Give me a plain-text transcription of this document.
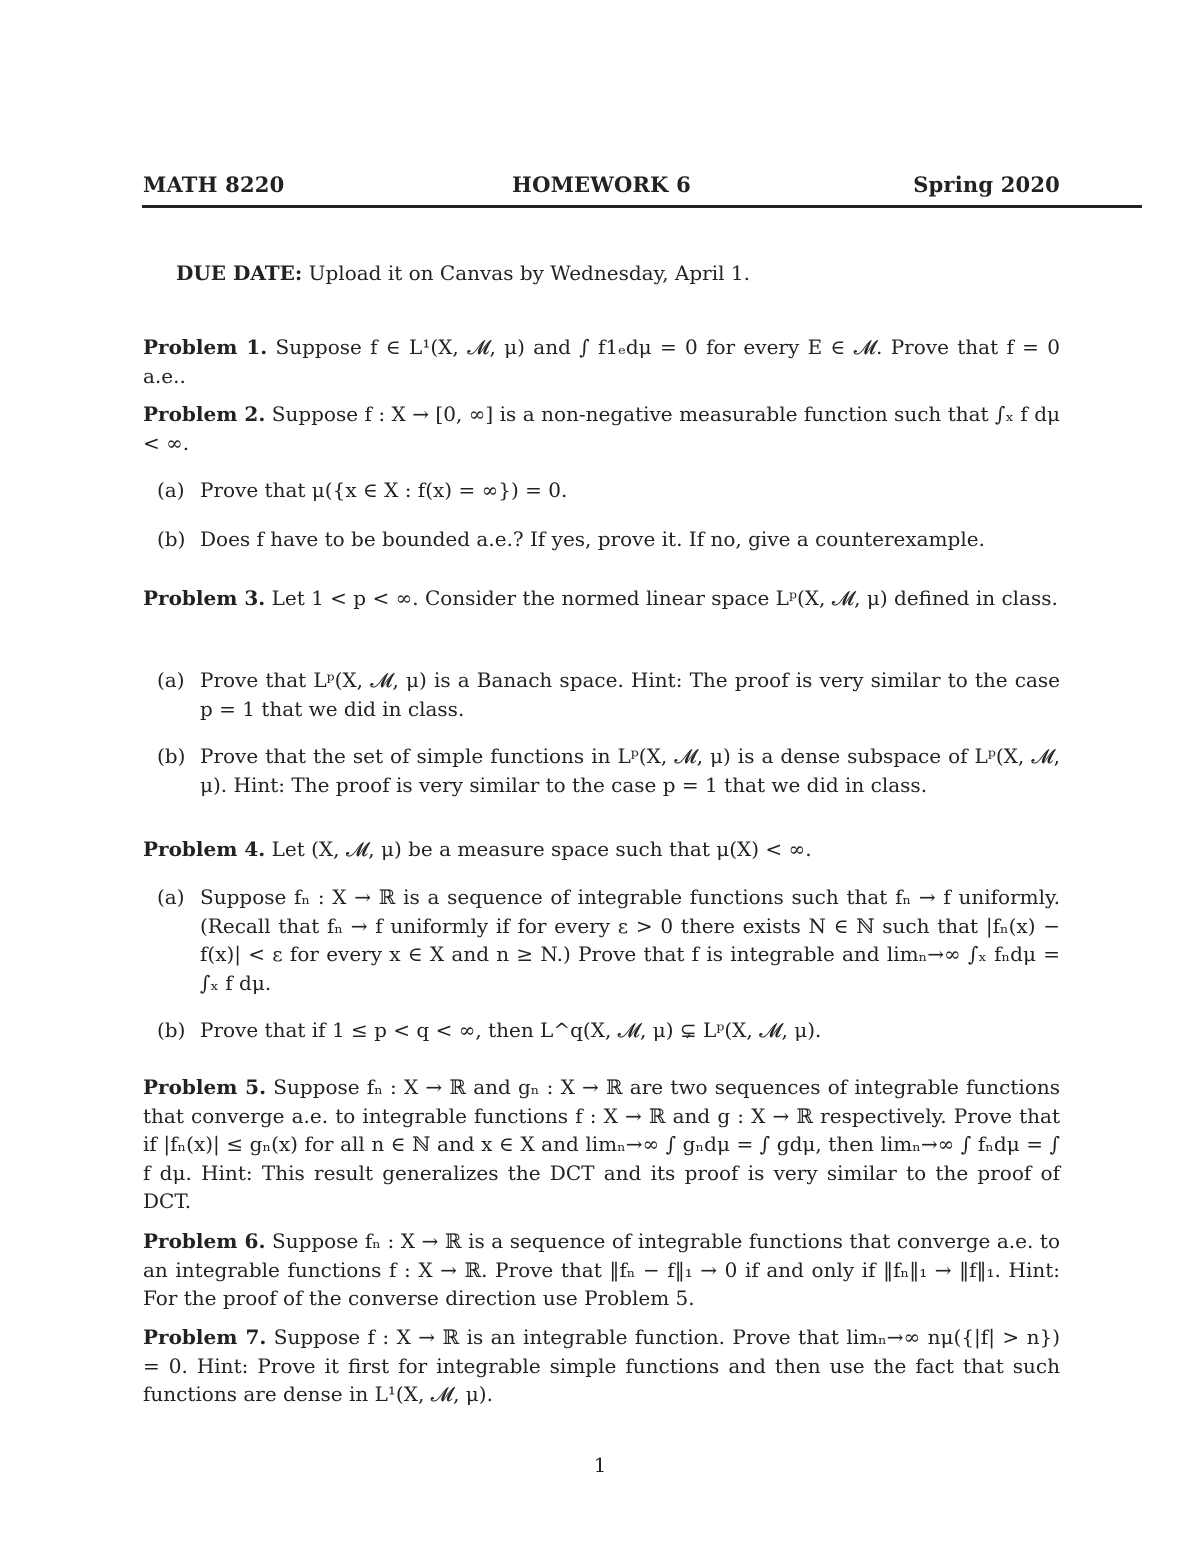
MATH 8220	HOMEWORK 6	Spring 2020

DUE DATE: Upload it on Canvas by Wednesday, April 1.

Problem 1. Suppose f ∈ L¹(X, 𝓜, μ) and ∫ f1ₑdμ = 0 for every E ∈ 𝓜. Prove that f = 0 a.e..

Problem 2. Suppose f : X → [0, ∞] is a non-negative measurable function such that ∫ₓ f dμ < ∞.

(a) Prove that μ({x ∈ X : f(x) = ∞}) = 0.
(b) Does f have to be bounded a.e.? If yes, prove it. If no, give a counterexample.

Problem 3. Let 1 < p < ∞. Consider the normed linear space Lᵖ(X, 𝓜, μ) defined in class.

(a) Prove that Lᵖ(X, 𝓜, μ) is a Banach space. Hint: The proof is very similar to the case p = 1 that we did in class.
(b) Prove that the set of simple functions in Lᵖ(X, 𝓜, μ) is a dense subspace of Lᵖ(X, 𝓜, μ). Hint: The proof is very similar to the case p = 1 that we did in class.

Problem 4. Let (X, 𝓜, μ) be a measure space such that μ(X) < ∞.

(a) Suppose fₙ : X → ℝ is a sequence of integrable functions such that fₙ → f uniformly. (Recall that fₙ → f uniformly if for every ε > 0 there exists N ∈ ℕ such that |fₙ(x) − f(x)| < ε for every x ∈ X and n ≥ N.) Prove that f is integrable and limₙ→∞ ∫ₓ fₙdμ = ∫ₓ f dμ.
(b) Prove that if 1 ≤ p < q < ∞, then L^q(X, 𝓜, μ) ⊊ Lᵖ(X, 𝓜, μ).

Problem 5. Suppose fₙ : X → ℝ and gₙ : X → ℝ are two sequences of integrable functions that converge a.e. to integrable functions f : X → ℝ and g : X → ℝ respectively. Prove that if |fₙ(x)| ≤ gₙ(x) for all n ∈ ℕ and x ∈ X and limₙ→∞ ∫ gₙdμ = ∫ gdμ, then limₙ→∞ ∫ fₙdμ = ∫ f dμ. Hint: This result generalizes the DCT and its proof is very similar to the proof of DCT.

Problem 6. Suppose fₙ : X → ℝ is a sequence of integrable functions that converge a.e. to an integrable functions f : X → ℝ. Prove that ‖fₙ − f‖₁ → 0 if and only if ‖fₙ‖₁ → ‖f‖₁. Hint: For the proof of the converse direction use Problem 5.

Problem 7. Suppose f : X → ℝ is an integrable function. Prove that limₙ→∞ nμ({|f| > n}) = 0. Hint: Prove it first for integrable simple functions and then use the fact that such functions are dense in L¹(X, 𝓜, μ).

1
